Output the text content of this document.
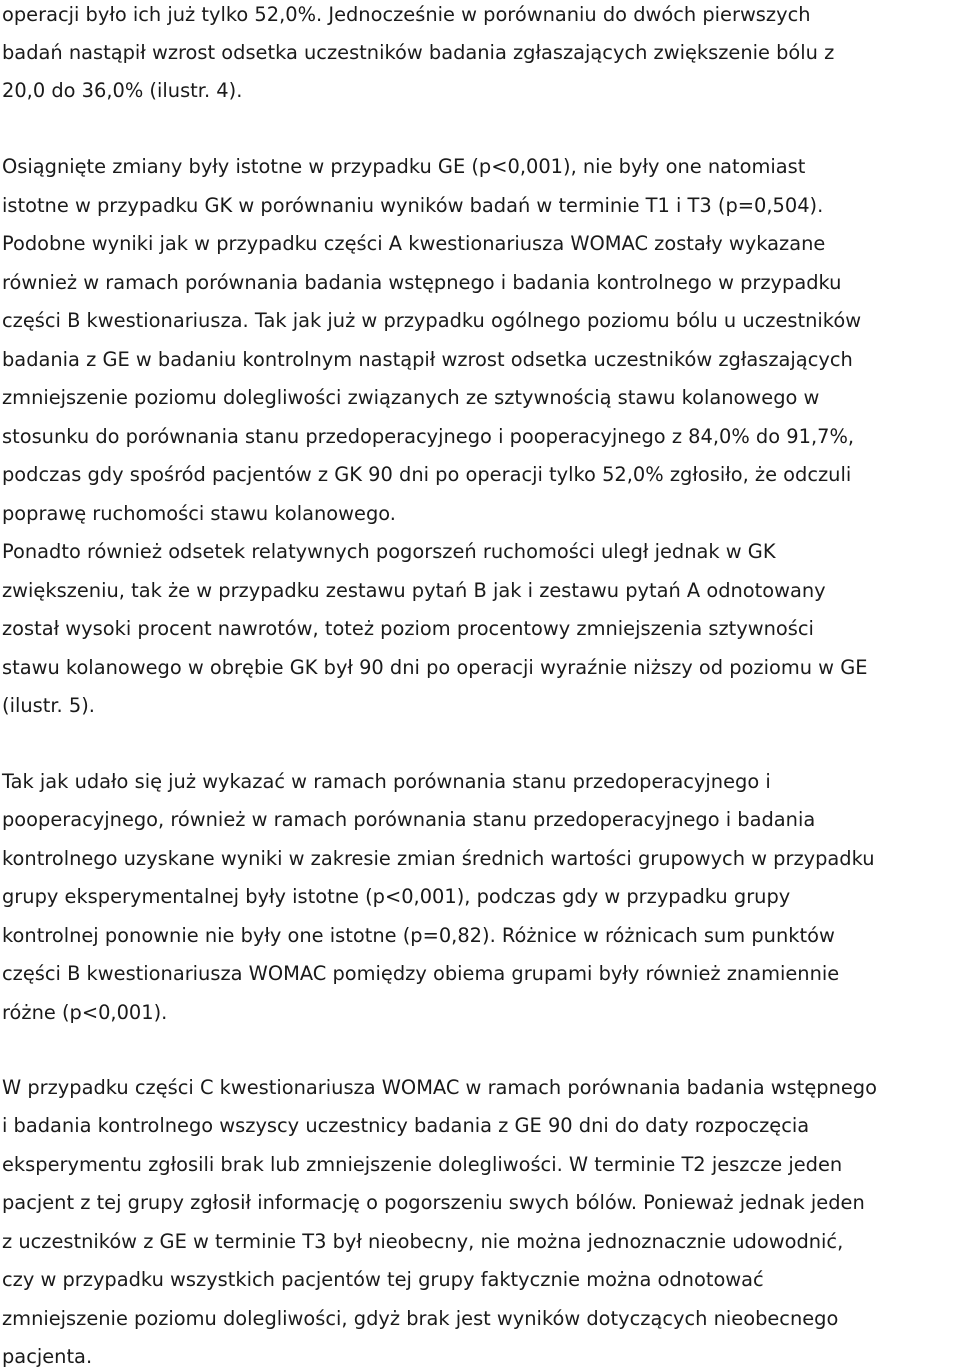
operacji było ich już tylko 52,0%. Jednocześnie w porównaniu do dwóch pierwszych
badań nastąpił wzrost odsetka uczestników badania zgłaszających zwiększenie bólu z
20,0 do 36,0% (ilustr. 4).
Osiągnięte zmiany były istotne w przypadku GE (p<0,001), nie były one natomiast
istotne w przypadku GK w porównaniu wyników badań w terminie T1 i T3 (p=0,504).
Podobne wyniki jak w przypadku części A kwestionariusza WOMAC zostały wykazane
również w ramach porównania badania wstępnego i badania kontrolnego w przypadku
części B kwestionariusza. Tak jak już w przypadku ogólnego poziomu bólu u uczestników
badania z GE w badaniu kontrolnym nastąpił wzrost odsetka uczestników zgłaszających
zmniejszenie poziomu dolegliwości związanych ze sztywnością stawu kolanowego w
stosunku do porównania stanu przedoperacyjnego i pooperacyjnego z 84,0% do 91,7%,
podczas gdy spośród pacjentów z GK 90 dni po operacji tylko 52,0% zgłosiło, że odczuli
poprawę ruchomości stawu kolanowego.
Ponadto również odsetek relatywnych pogorszeń ruchomości uległ jednak w GK
zwiększeniu, tak że w przypadku zestawu pytań B jak i zestawu pytań A odnotowany
został wysoki procent nawrotów, toteż poziom procentowy zmniejszenia sztywności
stawu kolanowego w obrębie GK był 90 dni po operacji wyraźnie niższy od poziomu w GE
(ilustr. 5).
Tak jak udało się już wykazać w ramach porównania stanu przedoperacyjnego i
pooperacyjnego, również w ramach porównania stanu przedoperacyjnego i badania
kontrolnego uzyskane wyniki w zakresie zmian średnich wartości grupowych w przypadku
grupy eksperymentalnej były istotne (p<0,001), podczas gdy w przypadku grupy
kontrolnej ponownie nie były one istotne (p=0,82). Różnice w różnicach sum punktów
części B kwestionariusza WOMAC pomiędzy obiema grupami były również znamiennie
różne (p<0,001).
W przypadku części C kwestionariusza WOMAC w ramach porównania badania wstępnego
i badania kontrolnego wszyscy uczestnicy badania z GE 90 dni do daty rozpoczęcia
eksperymentu zgłosili brak lub zmniejszenie dolegliwości. W terminie T2 jeszcze jeden
pacjent z tej grupy zgłosił informację o pogorszeniu swych bólów. Ponieważ jednak jeden
z uczestników z GE w terminie T3 był nieobecny, nie można jednoznacznie udowodnić,
czy w przypadku wszystkich pacjentów tej grupy faktycznie można odnotować
zmniejszenie poziomu dolegliwości, gdyż brak jest wyników dotyczących nieobecnego
pacjenta.
